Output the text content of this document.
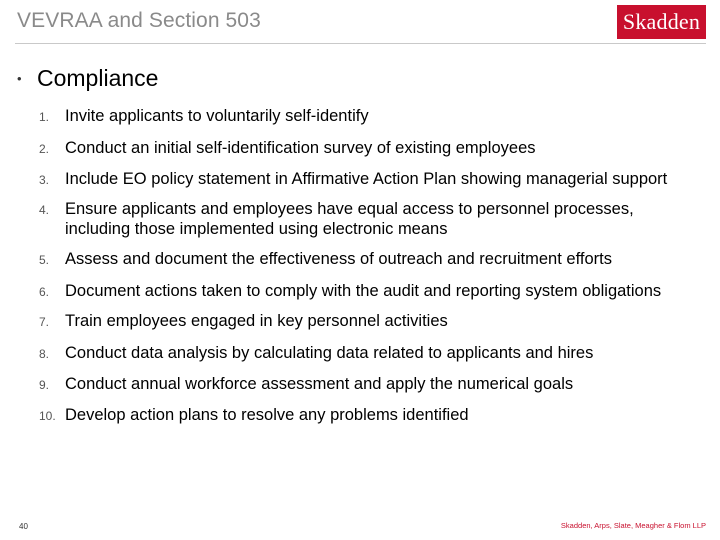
VEVRAA and Section 503	Skadden
• Compliance
1. Invite applicants to voluntarily self-identify
2. Conduct an initial self-identification survey of existing employees
3. Include EO policy statement in Affirmative Action Plan showing managerial support
4. Ensure applicants and employees have equal access to personnel processes, including those implemented using electronic means
5. Assess and document the effectiveness of outreach and recruitment efforts
6. Document actions taken to comply with the audit and reporting system obligations
7. Train employees engaged in key personnel activities
8. Conduct data analysis by calculating data related to applicants and hires
9. Conduct annual workforce assessment and apply the numerical goals
10. Develop action plans to resolve any problems identified
40	Skadden, Arps, Slate, Meagher & Flom LLP
